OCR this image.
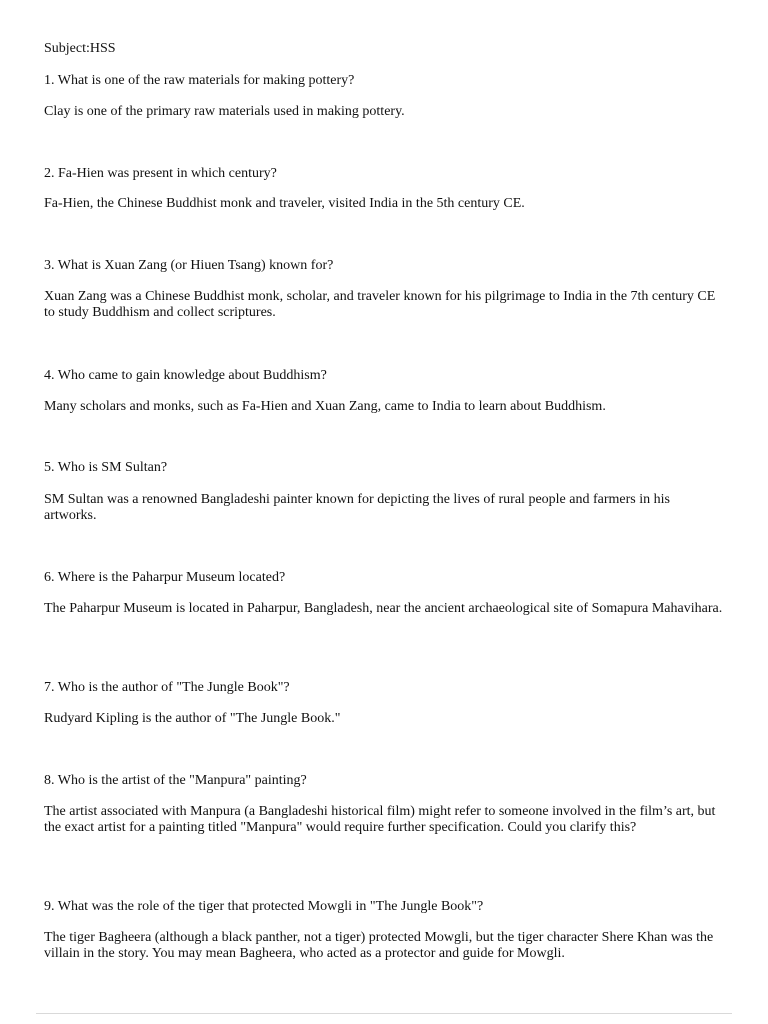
Subject:HSS

1. What is one of the raw materials for making pottery?

Clay is one of the primary raw materials used in making pottery.

2. Fa-Hien was present in which century?

Fa-Hien, the Chinese Buddhist monk and traveler, visited India in the 5th century CE.

3. What is Xuan Zang (or Hiuen Tsang) known for?

Xuan Zang was a Chinese Buddhist monk, scholar, and traveler known for his pilgrimage to India in the 7th century CE to study Buddhism and collect scriptures.

4. Who came to gain knowledge about Buddhism?

Many scholars and monks, such as Fa-Hien and Xuan Zang, came to India to learn about Buddhism.

5. Who is SM Sultan?

SM Sultan was a renowned Bangladeshi painter known for depicting the lives of rural people and farmers in his artworks.

6. Where is the Paharpur Museum located?

The Paharpur Museum is located in Paharpur, Bangladesh, near the ancient archaeological site of Somapura Mahavihara.

7. Who is the author of "The Jungle Book"?

Rudyard Kipling is the author of "The Jungle Book."

8. Who is the artist of the "Manpura" painting?

The artist associated with Manpura (a Bangladeshi historical film) might refer to someone involved in the film’s art, but the exact artist for a painting titled "Manpura" would require further specification. Could you clarify this?

9. What was the role of the tiger that protected Mowgli in "The Jungle Book"?

The tiger Bagheera (although a black panther, not a tiger) protected Mowgli, but the tiger character Shere Khan was the villain in the story. You may mean Bagheera, who acted as a protector and guide for Mowgli.
